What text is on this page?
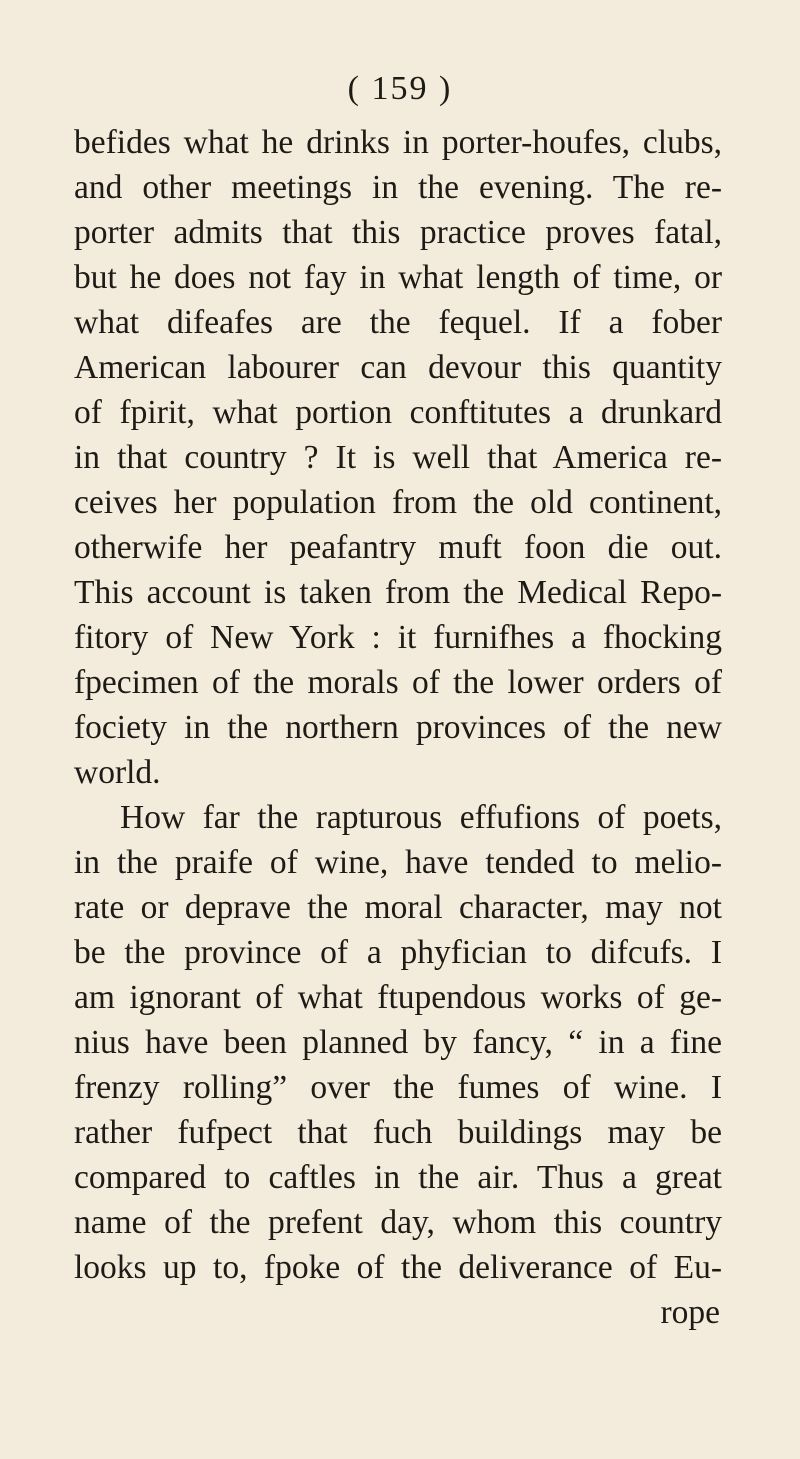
( 159 )
befides what he drinks in porter-houfes, clubs,
and other meetings in the evening. The re-
porter admits that this practice proves fatal,
but he does not fay in what length of time, or
what difeafes are the fequel. If a fober
American labourer can devour this quantity
of fpirit, what portion conftitutes a drunkard
in that country ? It is well that America re-
ceives her population from the old continent,
otherwife her peafantry muft foon die out.
This account is taken from the Medical Repo-
fitory of New York : it furnifhes a fhocking
fpecimen of the morals of the lower orders of
fociety in the northern provinces of the new
world.
How far the rapturous effufions of poets,
in the praife of wine, have tended to melio-
rate or deprave the moral character, may not
be the province of a phyfician to difcufs. I
am ignorant of what ftupendous works of ge-
nius have been planned by fancy, “ in a fine
frenzy rolling” over the fumes of wine. I
rather fufpect that fuch buildings may be
compared to caftles in the air. Thus a great
name of the prefent day, whom this country
looks up to, fpoke of the deliverance of Eu-
rope
